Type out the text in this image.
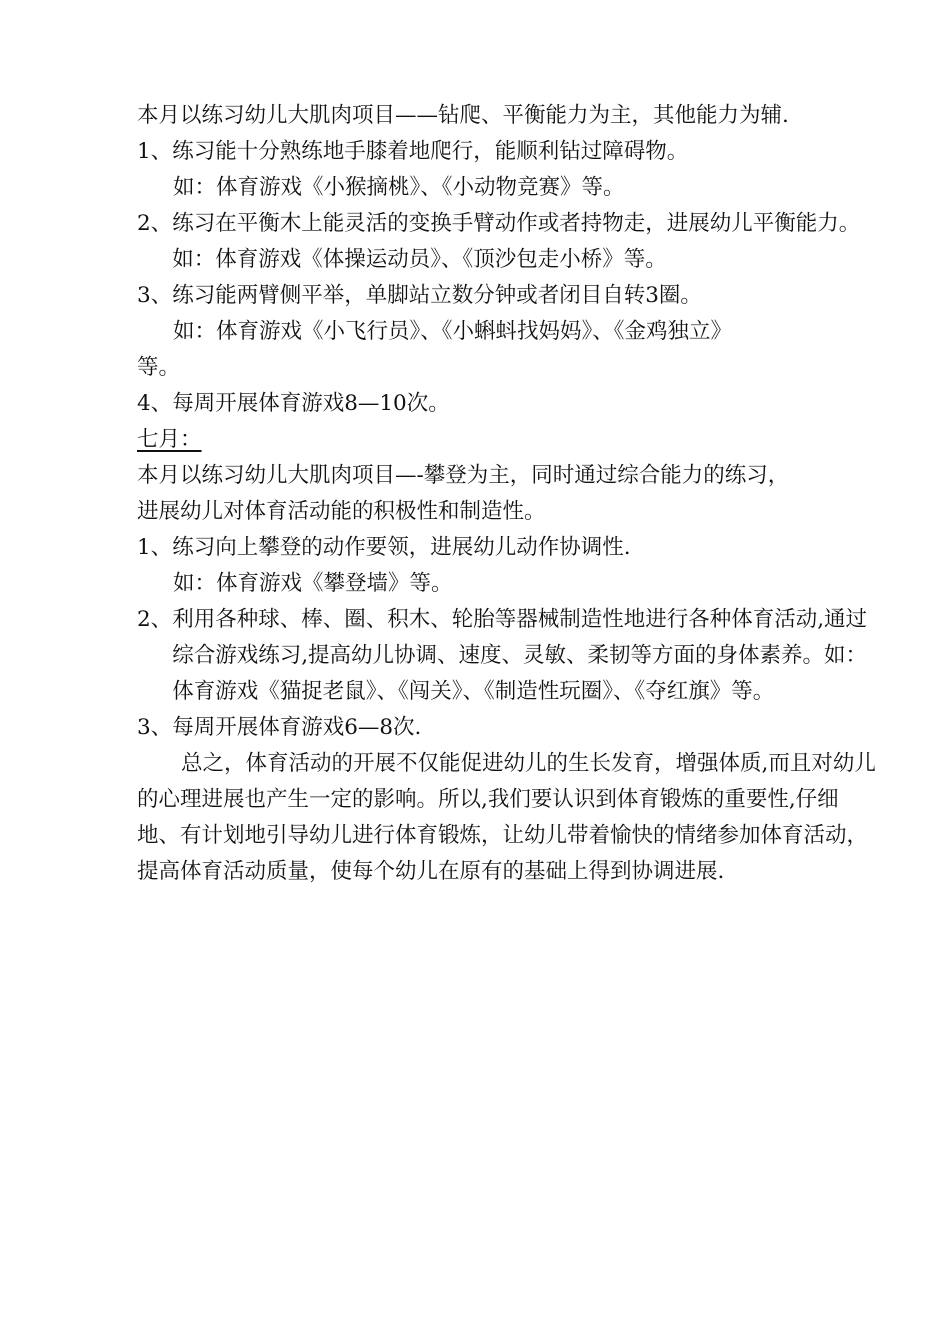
本月以练习幼儿大肌肉项目——钻爬、平衡能力为主，其他能力为辅.
1、 练习能十分熟练地手膝着地爬行，能顺利钻过障碍物。
如：体育游戏《小猴摘桃》、《小动物竞赛》等。
2、 练习在平衡木上能灵活的变换手臂动作或者持物走，进展幼儿平衡能力。如：体育游戏《体操运动员》、《顶沙包走小桥》等。
3、 练习能两臂侧平举，单脚站立数分钟或者闭目自转3圈。
如：体育游戏《小飞行员》、《小蝌蚪找妈妈》、《金鸡独立》
等。
4、 每周开展体育游戏8—10次。
七月：
本月以练习幼儿大肌肉项目—-攀登为主，同时通过综合能力的练习，
进展幼儿对体育活动能的积极性和制造性。
1、 练习向上攀登的动作要领，进展幼儿动作协调性.
如：体育游戏《攀登墙》等。
2、 利用各种球、棒、圈、积木、轮胎等器械制造性地进行各种体育活动,通过综合游戏练习,提高幼儿协调、速度、灵敏、柔韧等方面的身体素养。如：体育游戏《猫捉老鼠》、《闯关》、《制造性玩圈》、《夺红旗》等。
3、 每周开展体育游戏6—8次.
总之，体育活动的开展不仅能促进幼儿的生长发育，增强体质,而且对幼儿的心理进展也产生一定的影响。所以,我们要认识到体育锻炼的重要性,仔细地、有计划地引导幼儿进行体育锻炼，让幼儿带着愉快的情绪参加体育活动，提高体育活动质量，使每个幼儿在原有的基础上得到协调进展.
